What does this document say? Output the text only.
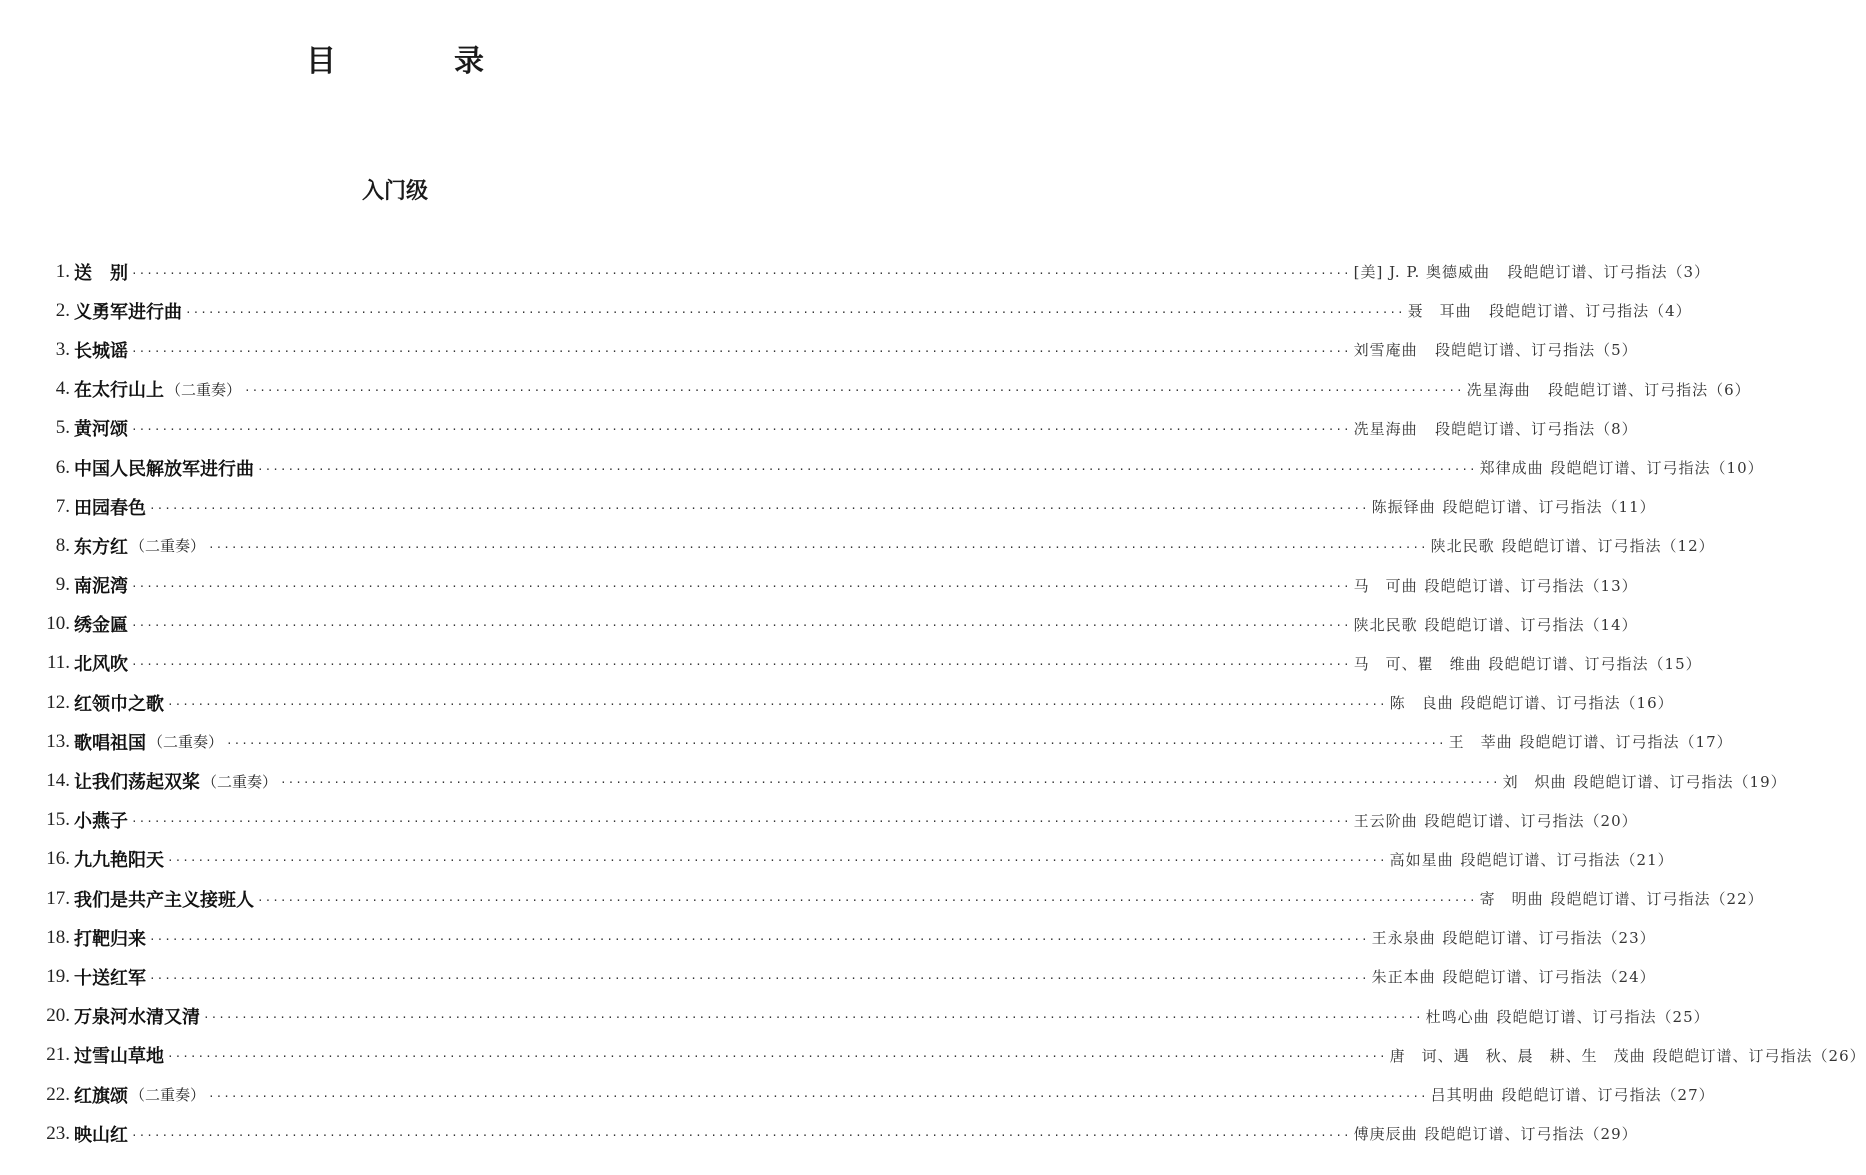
目　录
入门级
1. 送　别 ································································································································································ [美] J. P. 奥德威曲	段皑皑订谱、订弓指法（3）
2. 义勇军进行曲 ································································································································································ 聂　耳曲	段皑皑订谱、订弓指法（4）
3. 长城谣 ································································································································································ 刘雪庵曲	段皑皑订谱、订弓指法（5）
4. 在太行山上 （二重奏） ································································································································································ 冼星海曲	段皑皑订谱、订弓指法（6）
5. 黄河颂 ································································································································································ 冼星海曲	段皑皑订谱、订弓指法（8）
6. 中国人民解放军进行曲 ································································································································································ 郑律成曲 段皑皑订谱、订弓指法（10）
7. 田园春色 ································································································································································ 陈振铎曲 段皑皑订谱、订弓指法（11）
8. 东方红 （二重奏） ································································································································································ 陕北民歌 段皑皑订谱、订弓指法（12）
9. 南泥湾 ································································································································································ 马　可曲 段皑皑订谱、订弓指法（13）
10. 绣金匾 ································································································································································ 陕北民歌 段皑皑订谱、订弓指法（14）
11. 北风吹 ································································································································································ 马　可、瞿　维曲 段皑皑订谱、订弓指法（15）
12. 红领巾之歌 ································································································································································ 陈　良曲 段皑皑订谱、订弓指法（16）
13. 歌唱祖国 （二重奏） ································································································································································ 王　莘曲 段皑皑订谱、订弓指法（17）
14. 让我们荡起双桨 （二重奏） ································································································································································ 刘　炽曲 段皑皑订谱、订弓指法（19）
15. 小燕子 ································································································································································ 王云阶曲 段皑皑订谱、订弓指法（20）
16. 九九艳阳天 ································································································································································ 高如星曲 段皑皑订谱、订弓指法（21）
17. 我们是共产主义接班人 ································································································································································ 寄　明曲 段皑皑订谱、订弓指法（22）
18. 打靶归来 ································································································································································ 王永泉曲 段皑皑订谱、订弓指法（23）
19. 十送红军 ································································································································································ 朱正本曲 段皑皑订谱、订弓指法（24）
20. 万泉河水清又清 ································································································································································ 杜鸣心曲 段皑皑订谱、订弓指法（25）
21. 过雪山草地 ································································································································································ 唐　诃、遇　秋、晨　耕、生　茂曲 段皑皑订谱、订弓指法（26）
22. 红旗颂 （二重奏） ································································································································································ 吕其明曲 段皑皑订谱、订弓指法（27）
23. 映山红 ································································································································································ 傅庚辰曲 段皑皑订谱、订弓指法（29）
